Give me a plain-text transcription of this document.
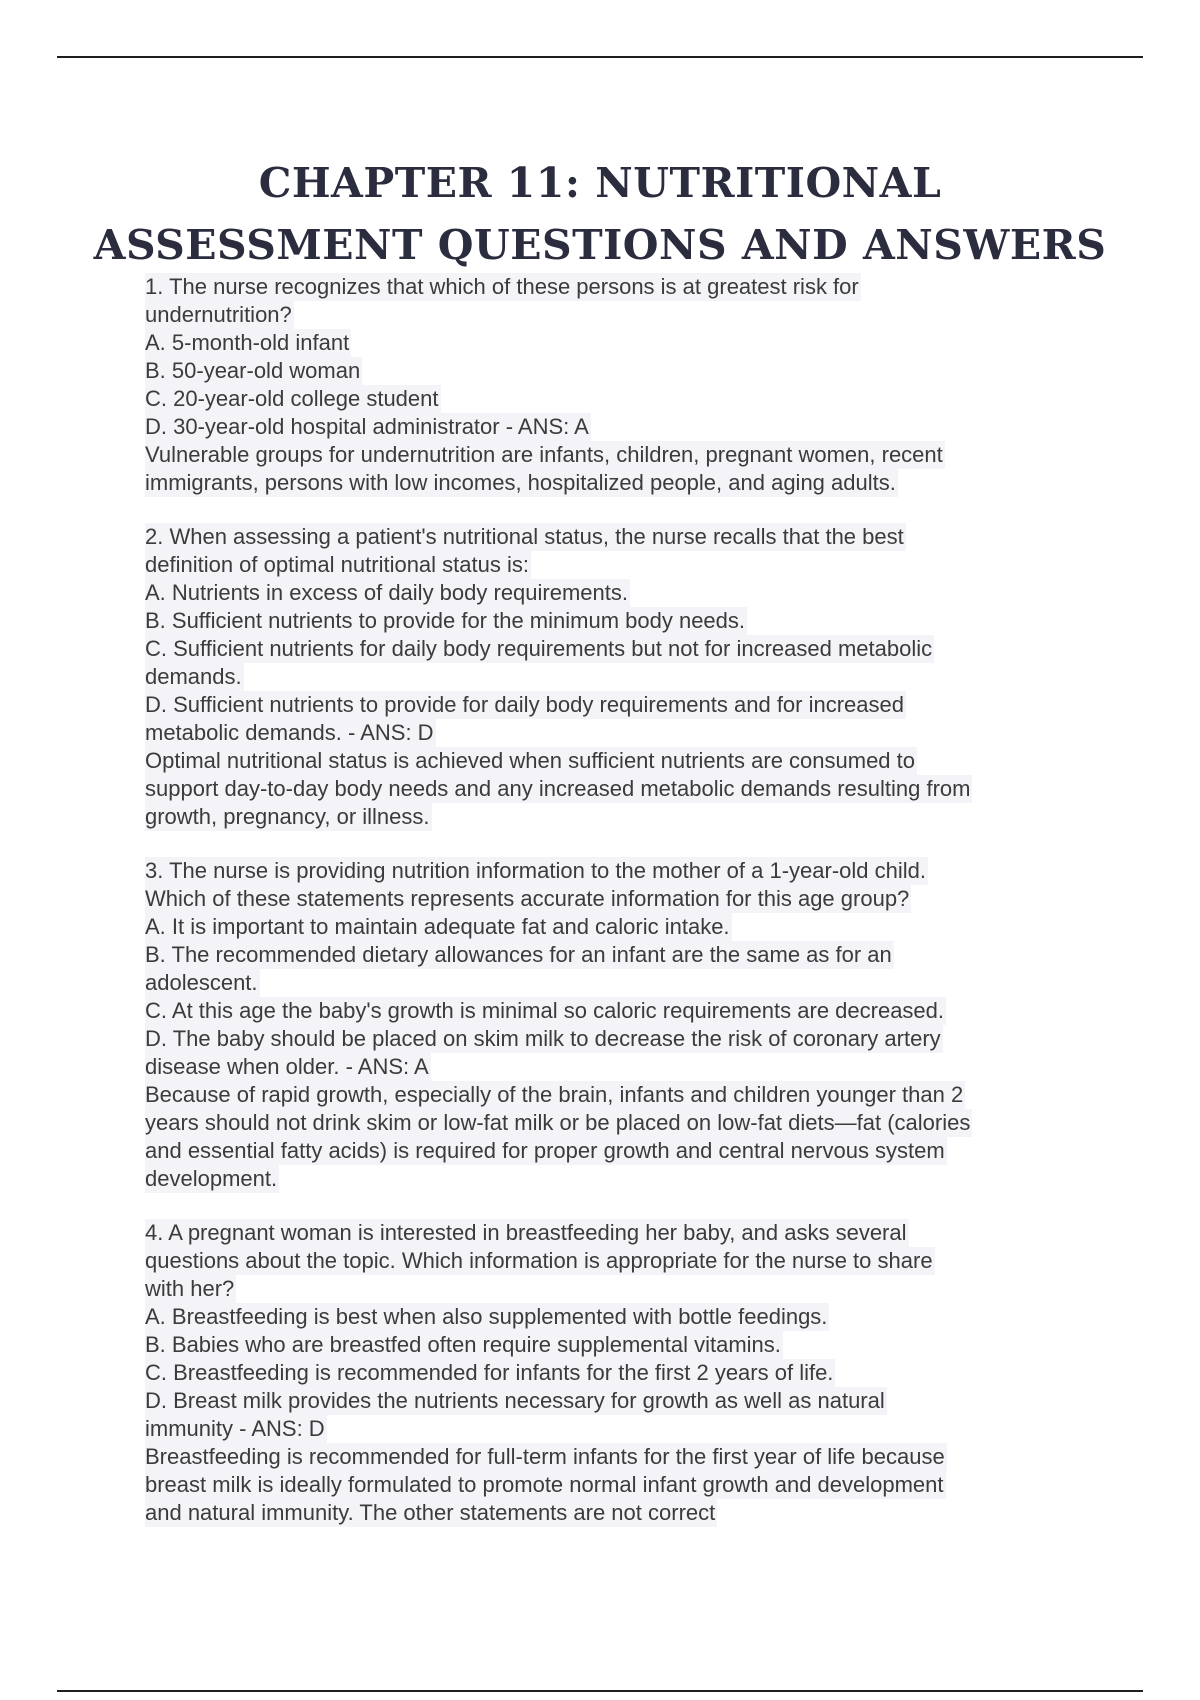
CHAPTER 11: NUTRITIONAL
ASSESSMENT QUESTIONS AND ANSWERS
1. The nurse recognizes that which of these persons is at greatest risk for
undernutrition?
A. 5-month-old infant
B. 50-year-old woman
C. 20-year-old college student
D. 30-year-old hospital administrator - ANS: A
Vulnerable groups for undernutrition are infants, children, pregnant women, recent
immigrants, persons with low incomes, hospitalized people, and aging adults.
2. When assessing a patient's nutritional status, the nurse recalls that the best
definition of optimal nutritional status is:
A. Nutrients in excess of daily body requirements.
B. Sufficient nutrients to provide for the minimum body needs.
C. Sufficient nutrients for daily body requirements but not for increased metabolic
demands.
D. Sufficient nutrients to provide for daily body requirements and for increased
metabolic demands. - ANS: D
Optimal nutritional status is achieved when sufficient nutrients are consumed to
support day-to-day body needs and any increased metabolic demands resulting from
growth, pregnancy, or illness.
3. The nurse is providing nutrition information to the mother of a 1-year-old child.
Which of these statements represents accurate information for this age group?
A. It is important to maintain adequate fat and caloric intake.
B. The recommended dietary allowances for an infant are the same as for an
adolescent.
C. At this age the baby's growth is minimal so caloric requirements are decreased.
D. The baby should be placed on skim milk to decrease the risk of coronary artery
disease when older. - ANS: A
Because of rapid growth, especially of the brain, infants and children younger than 2
years should not drink skim or low-fat milk or be placed on low-fat diets—fat (calories
and essential fatty acids) is required for proper growth and central nervous system
development.
4. A pregnant woman is interested in breastfeeding her baby, and asks several
questions about the topic. Which information is appropriate for the nurse to share
with her?
A. Breastfeeding is best when also supplemented with bottle feedings.
B. Babies who are breastfed often require supplemental vitamins.
C. Breastfeeding is recommended for infants for the first 2 years of life.
D. Breast milk provides the nutrients necessary for growth as well as natural
immunity - ANS: D
Breastfeeding is recommended for full-term infants for the first year of life because
breast milk is ideally formulated to promote normal infant growth and development
and natural immunity. The other statements are not correct
